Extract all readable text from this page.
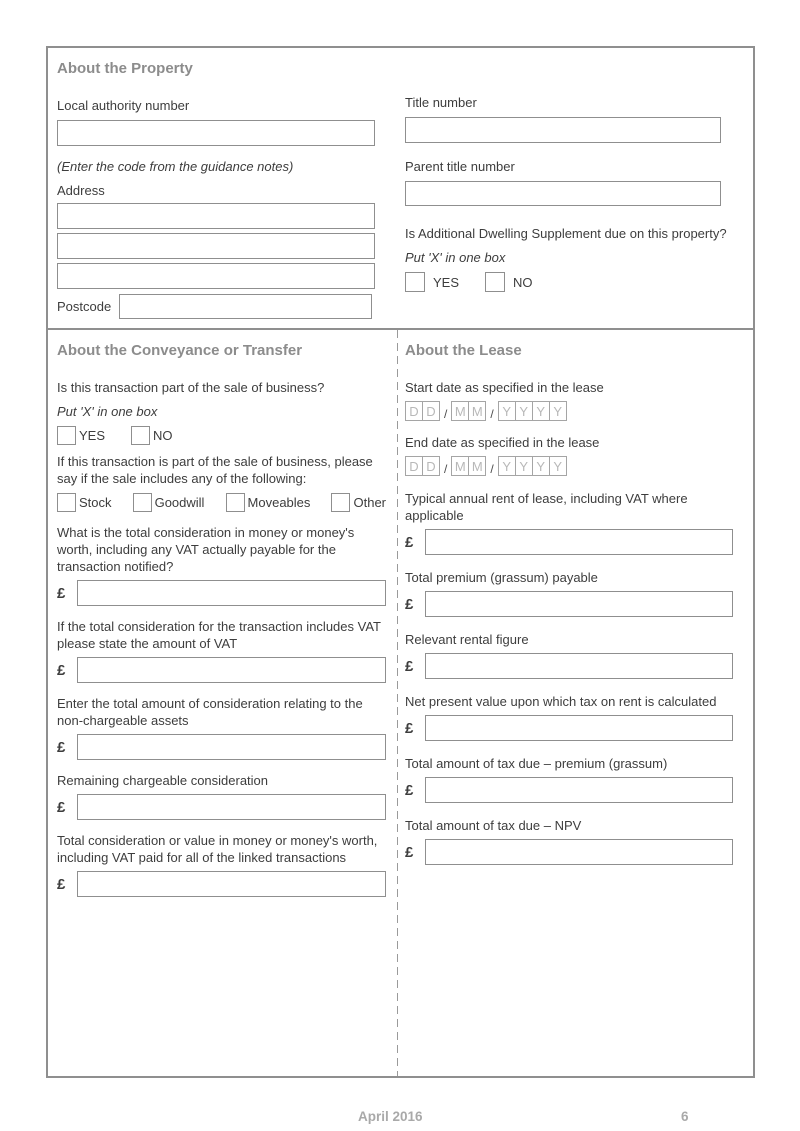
About the Property
Local authority number
(Enter the code from the guidance notes)
Address
Postcode
Title number
Parent title number
Is Additional Dwelling Supplement due on this property?
Put 'X' in one box
YES	NO
About the Conveyance or Transfer
Is this transaction part of the sale of business?
Put 'X' in one box
YES	NO
If this transaction is part of the sale of business, please say if the sale includes any of the following:
Stock	Goodwill	Moveables	Other
What is the total consideration in money or money's worth, including any VAT actually payable for the transaction notified?
£
If the total consideration for the transaction includes VAT please state the amount of VAT
£
Enter the total amount of consideration relating to the non-chargeable assets
£
Remaining chargeable consideration
£
Total consideration or value in money or money's worth, including VAT paid for all of the linked transactions
£
About the Lease
Start date as specified in the lease
D D / M M / Y Y Y Y
End date as specified in the lease
D D / M M / Y Y Y Y
Typical annual rent of lease, including VAT where applicable
£
Total premium (grassum) payable
£
Relevant rental figure
£
Net present value upon which tax on rent is calculated
£
Total amount of tax due – premium (grassum)
£
Total amount of tax due – NPV
£
April 2016	6
